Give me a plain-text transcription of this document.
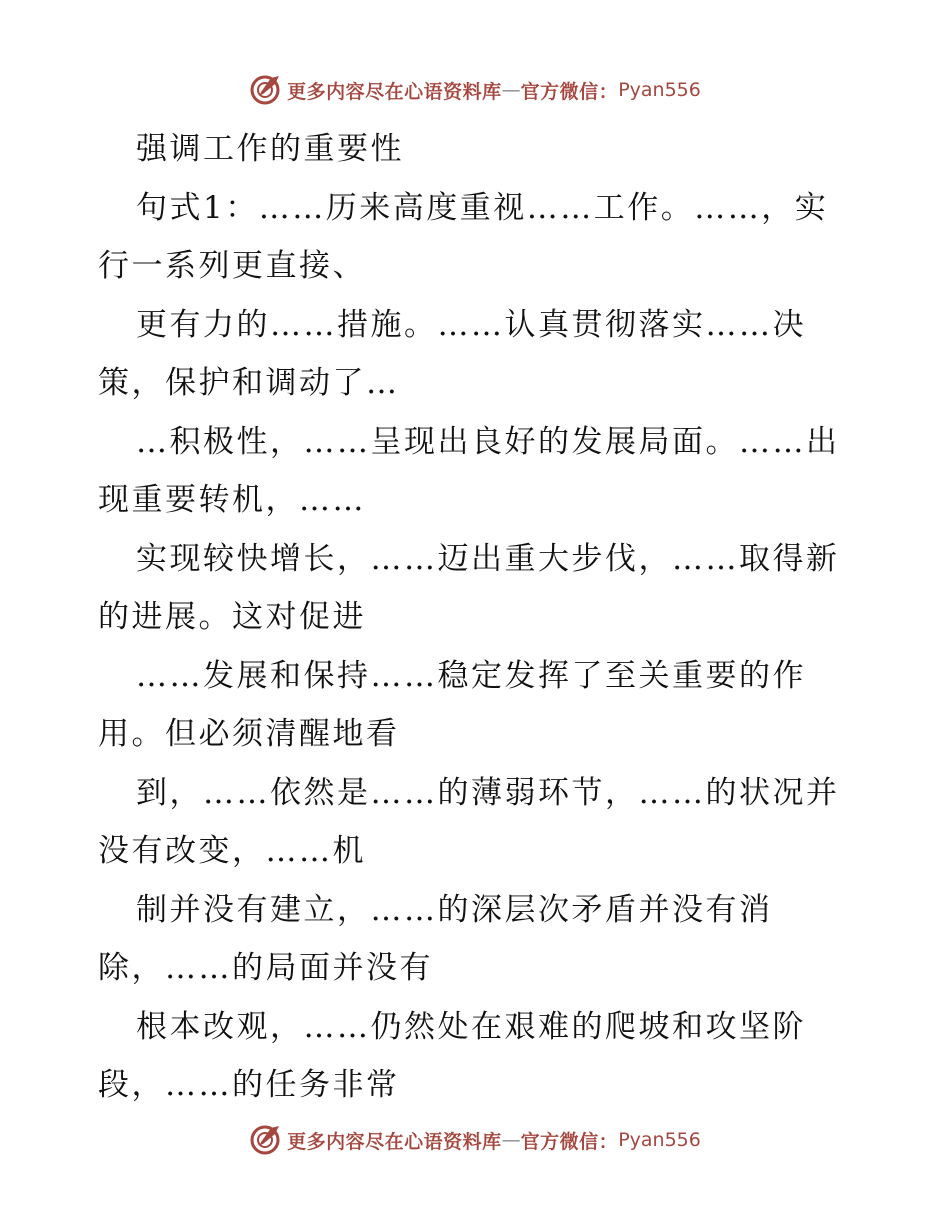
更多内容尽在心语资料库 — 官方微信： Pyan556
强调工作的重要性
句式1：……历来高度重视……工作。……，实
行一系列更直接、
更有力的……措施。……认真贯彻落实……决
策，保护和调动了…
…积极性，……呈现出良好的发展局面。……出
现重要转机，……
实现较快增长，……迈出重大步伐，……取得新
的进展。这对促进
……发展和保持……稳定发挥了至关重要的作
用。但必须清醒地看
到，……依然是……的薄弱环节，……的状况并
没有改变，……机
制并没有建立，……的深层次矛盾并没有消
除，……的局面并没有
根本改观，……仍然处在艰难的爬坡和攻坚阶
段，……的任务非常
更多内容尽在心语资料库 — 官方微信： Pyan556
